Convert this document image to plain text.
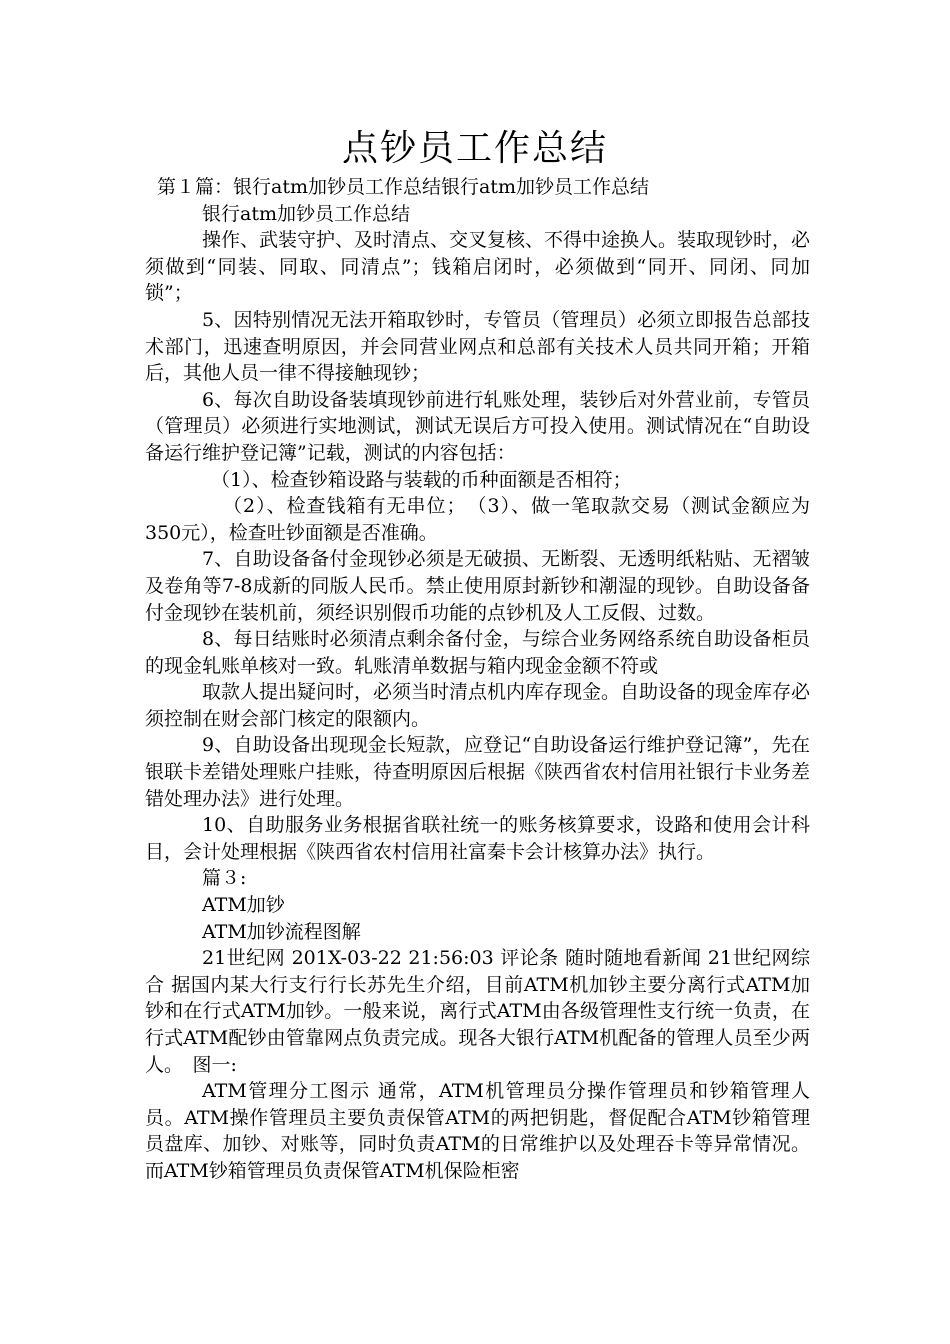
点钞员工作总结

第１篇：银行atm加钞员工作总结银行atm加钞员工作总结

银行atm加钞员工作总结

操作、武装守护、及时清点、交叉复核、不得中途换人。装取现钞时，必须做到“同装、同取、同清点”；钱箱启闭时，必须做到“同开、同闭、同加锁”；

5、因特别情况无法开箱取钞时，专管员（管理员）必须立即报告总部技术部门，迅速查明原因，并会同营业网点和总部有关技术人员共同开箱；开箱后，其他人员一律不得接触现钞；

6、每次自助设备装填现钞前进行轧账处理，装钞后对外营业前，专管员（管理员）必须进行实地测试，测试无误后方可投入使用。测试情况在“自助设备运行维护登记簿”记载，测试的内容包括：

（1）、检查钞箱设路与装载的币种面额是否相符；

（2）、检查钱箱有无串位；　（3）、做一笔取款交易（测试金额应为350元），检查吐钞面额是否准确。

7、自助设备备付金现钞必须是无破损、无断裂、无透明纸粘贴、无褶皱及卷角等7-8成新的同版人民币。禁止使用原封新钞和潮湿的现钞。自助设备备付金现钞在装机前，须经识别假币功能的点钞机及人工反假、过数。

8、每日结账时必须清点剩余备付金，与综合业务网络系统自助设备柜员的现金轧账单核对一致。轧账清单数据与箱内现金金额不符或

取款人提出疑问时，必须当时清点机内库存现金。自助设备的现金库存必须控制在财会部门核定的限额内。

9、自助设备出现现金长短款，应登记“自助设备运行维护登记簿”，先在银联卡差错处理账户挂账，待查明原因后根据《陕西省农村信用社银行卡业务差错处理办法》进行处理。

10、自助服务业务根据省联社统一的账务核算要求，设路和使用会计科目，会计处理根据《陕西省农村信用社富秦卡会计核算办法》执行。

篇３:

ATM加钞

ATM加钞流程图解

21世纪网 201X-03-22 21:56:03 评论条 随时随地看新闻 21世纪网综合 据国内某大行支行行长苏先生介绍，目前ATM机加钞主要分离行式ATM加钞和在行式ATM加钞。一般来说，离行式ATM由各级管理性支行统一负责，在行式ATM配钞由管靠网点负责完成。现各大银行ATM机配备的管理人员至少两人。　图一:

ATM管理分工图示 通常，ATM机管理员分操作管理员和钞箱管理人员。ATM操作管理员主要负责保管ATM的两把钥匙，督促配合ATM钞箱管理员盘库、加钞、对账等，同时负责ATM的日常维护以及处理吞卡等异常情况。而ATM钞箱管理员负责保管ATM机保险柜密
